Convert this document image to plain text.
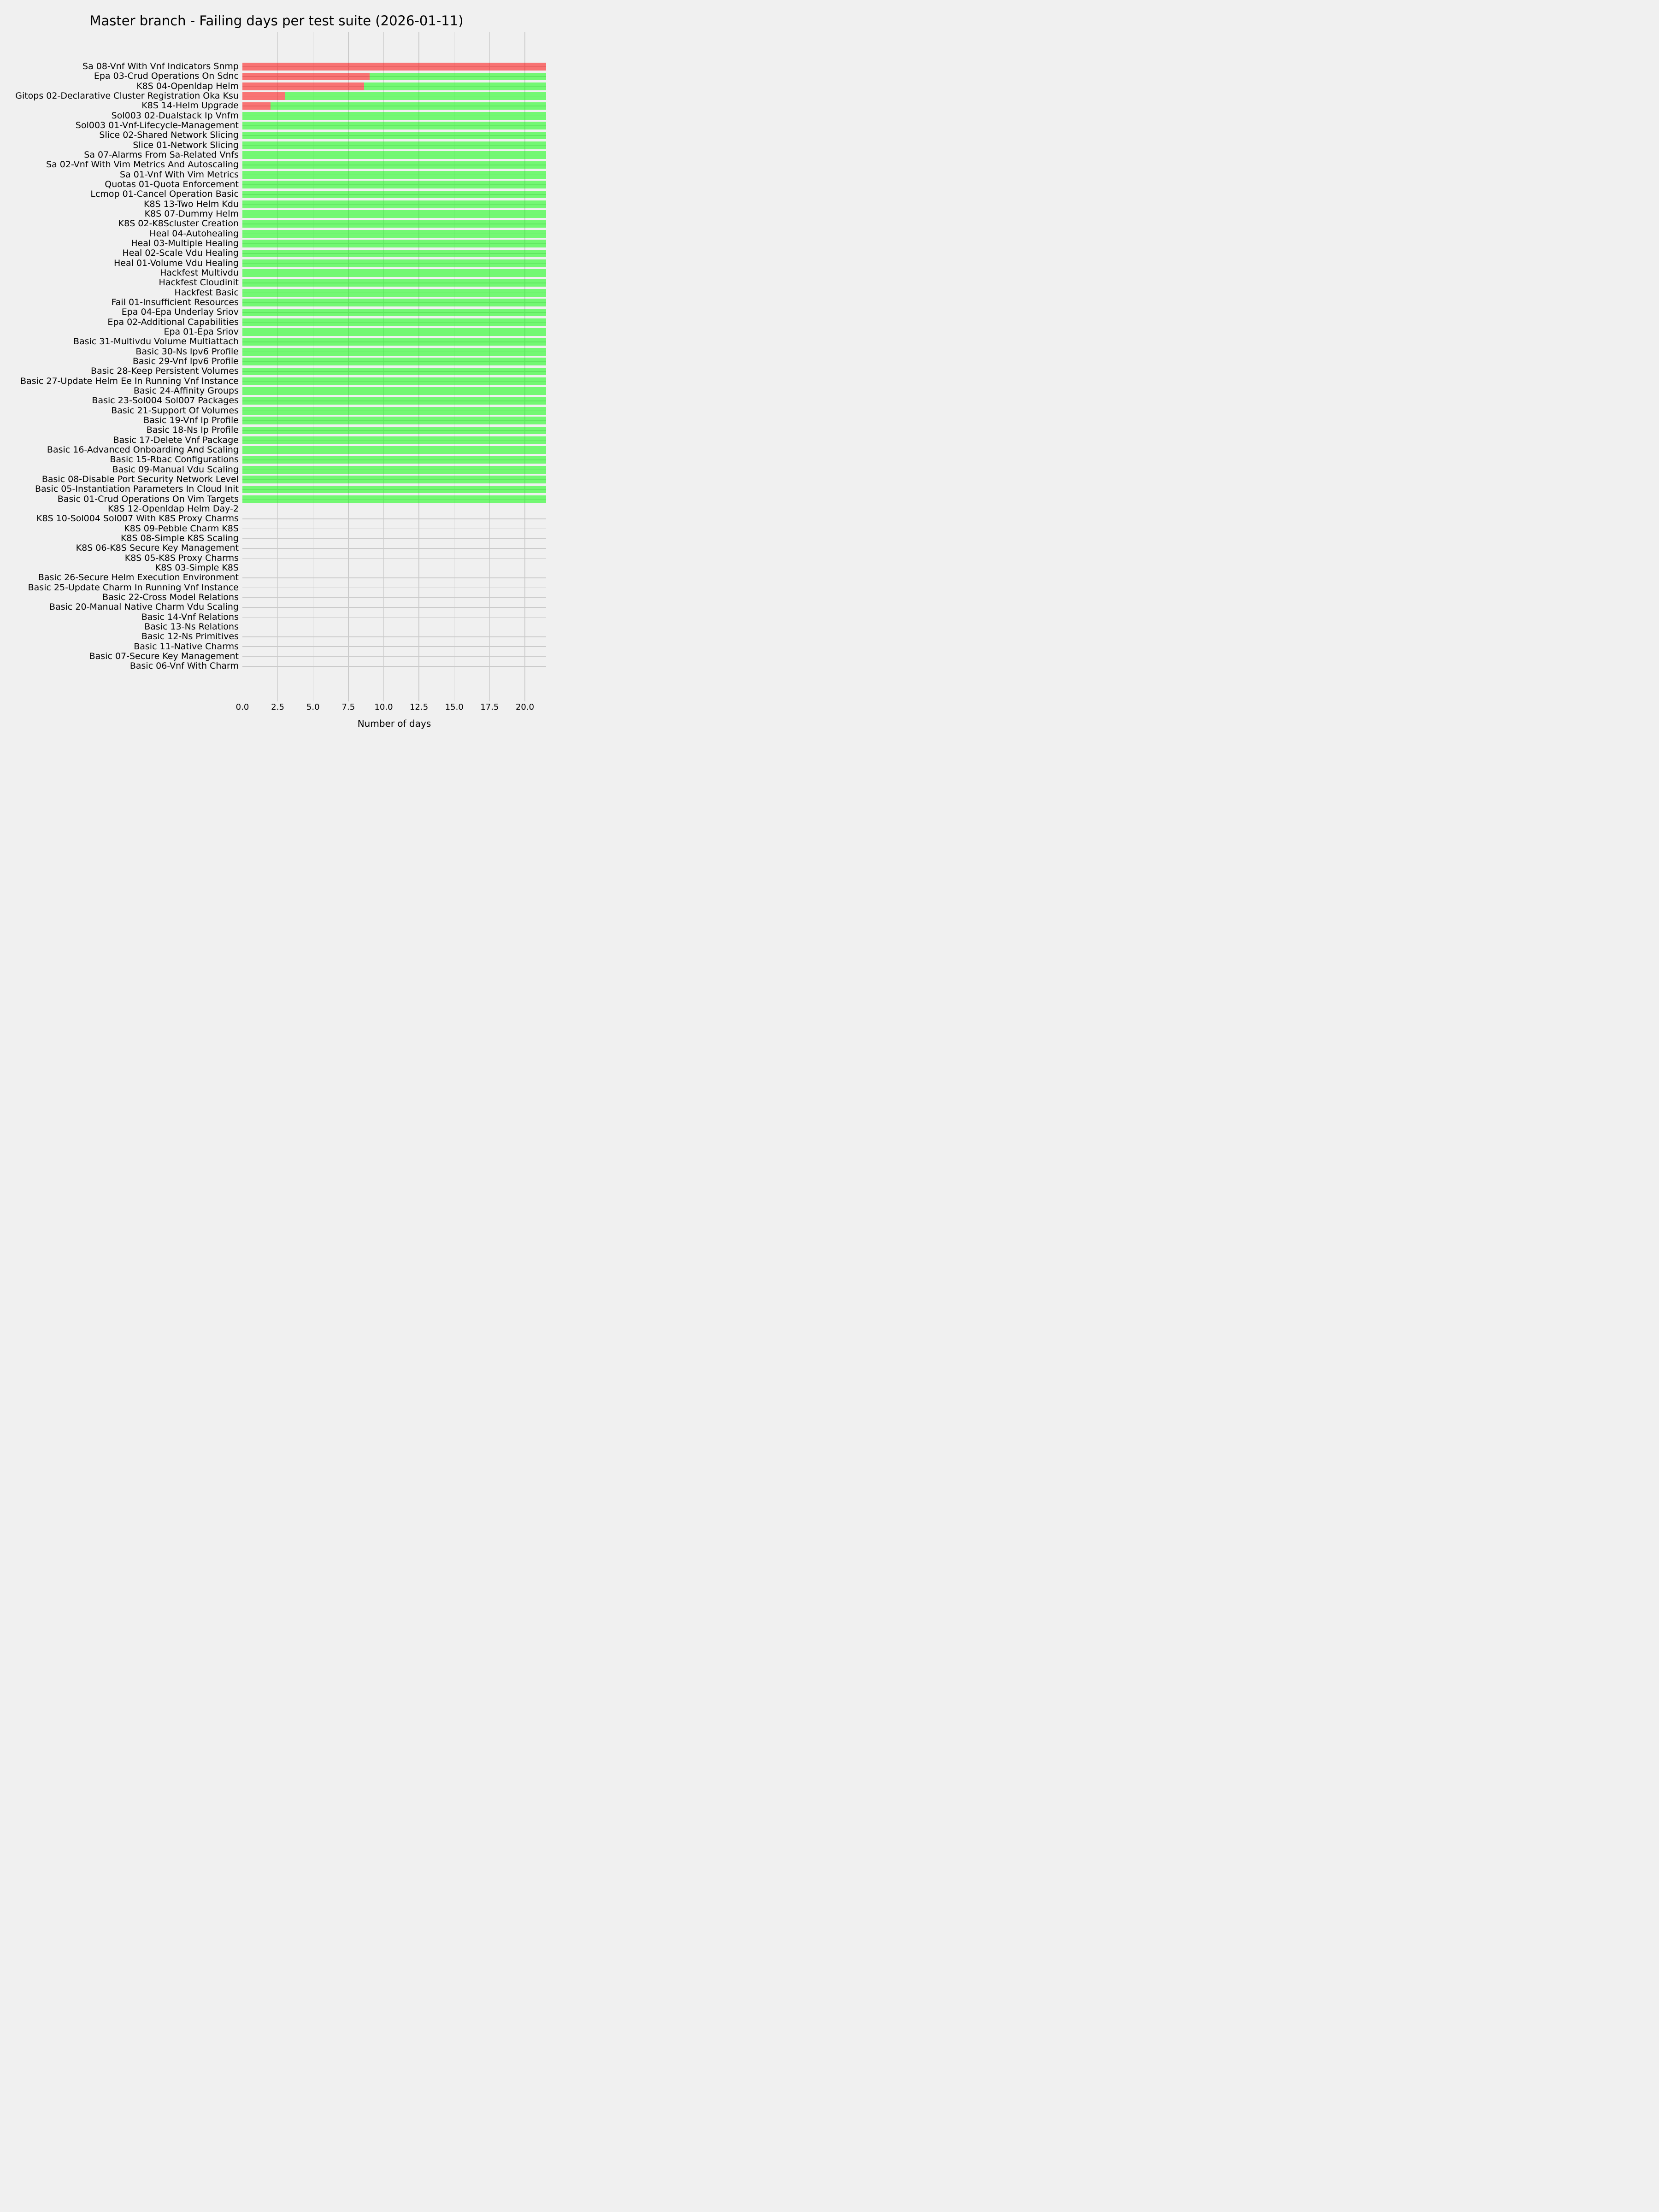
Master branch - Failing days per test suite (2026-01-11)
Sa 08-Vnf With Vnf Indicators Snmp
Epa 03-Crud Operations On Sdnc
K8S 04-Openldap Helm
Gitops 02-Declarative Cluster Registration Oka Ksu
K8S 14-Helm Upgrade
Sol003 02-Dualstack Ip Vnfm
Sol003 01-Vnf-Lifecycle-Management
Slice 02-Shared Network Slicing
Slice 01-Network Slicing
Sa 07-Alarms From Sa-Related Vnfs
Sa 02-Vnf With Vim Metrics And Autoscaling
Sa 01-Vnf With Vim Metrics
Quotas 01-Quota Enforcement
Lcmop 01-Cancel Operation Basic
K8S 13-Two Helm Kdu
K8S 07-Dummy Helm
K8S 02-K8Scluster Creation
Heal 04-Autohealing
Heal 03-Multiple Healing
Heal 02-Scale Vdu Healing
Heal 01-Volume Vdu Healing
Hackfest Multivdu
Hackfest Cloudinit
Hackfest Basic
Fail 01-Insufficient Resources
Epa 04-Epa Underlay Sriov
Epa 02-Additional Capabilities
Epa 01-Epa Sriov
Basic 31-Multivdu Volume Multiattach
Basic 30-Ns Ipv6 Profile
Basic 29-Vnf Ipv6 Profile
Basic 28-Keep Persistent Volumes
Basic 27-Update Helm Ee In Running Vnf Instance
Basic 24-Affinity Groups
Basic 23-Sol004 Sol007 Packages
Basic 21-Support Of Volumes
Basic 19-Vnf Ip Profile
Basic 18-Ns Ip Profile
Basic 17-Delete Vnf Package
Basic 16-Advanced Onboarding And Scaling
Basic 15-Rbac Configurations
Basic 09-Manual Vdu Scaling
Basic 08-Disable Port Security Network Level
Basic 05-Instantiation Parameters In Cloud Init
Basic 01-Crud Operations On Vim Targets
K8S 12-Openldap Helm Day-2
K8S 10-Sol004 Sol007 With K8S Proxy Charms
K8S 09-Pebble Charm K8S
K8S 08-Simple K8S Scaling
K8S 06-K8S Secure Key Management
K8S 05-K8S Proxy Charms
K8S 03-Simple K8S
Basic 26-Secure Helm Execution Environment
Basic 25-Update Charm In Running Vnf Instance
Basic 22-Cross Model Relations
Basic 20-Manual Native Charm Vdu Scaling
Basic 14-Vnf Relations
Basic 13-Ns Relations
Basic 12-Ns Primitives
Basic 11-Native Charms
Basic 07-Secure Key Management
Basic 06-Vnf With Charm
0.0	2.5	5.0	7.5	10.0	12.5	15.0	17.5	20.0
Number of days
